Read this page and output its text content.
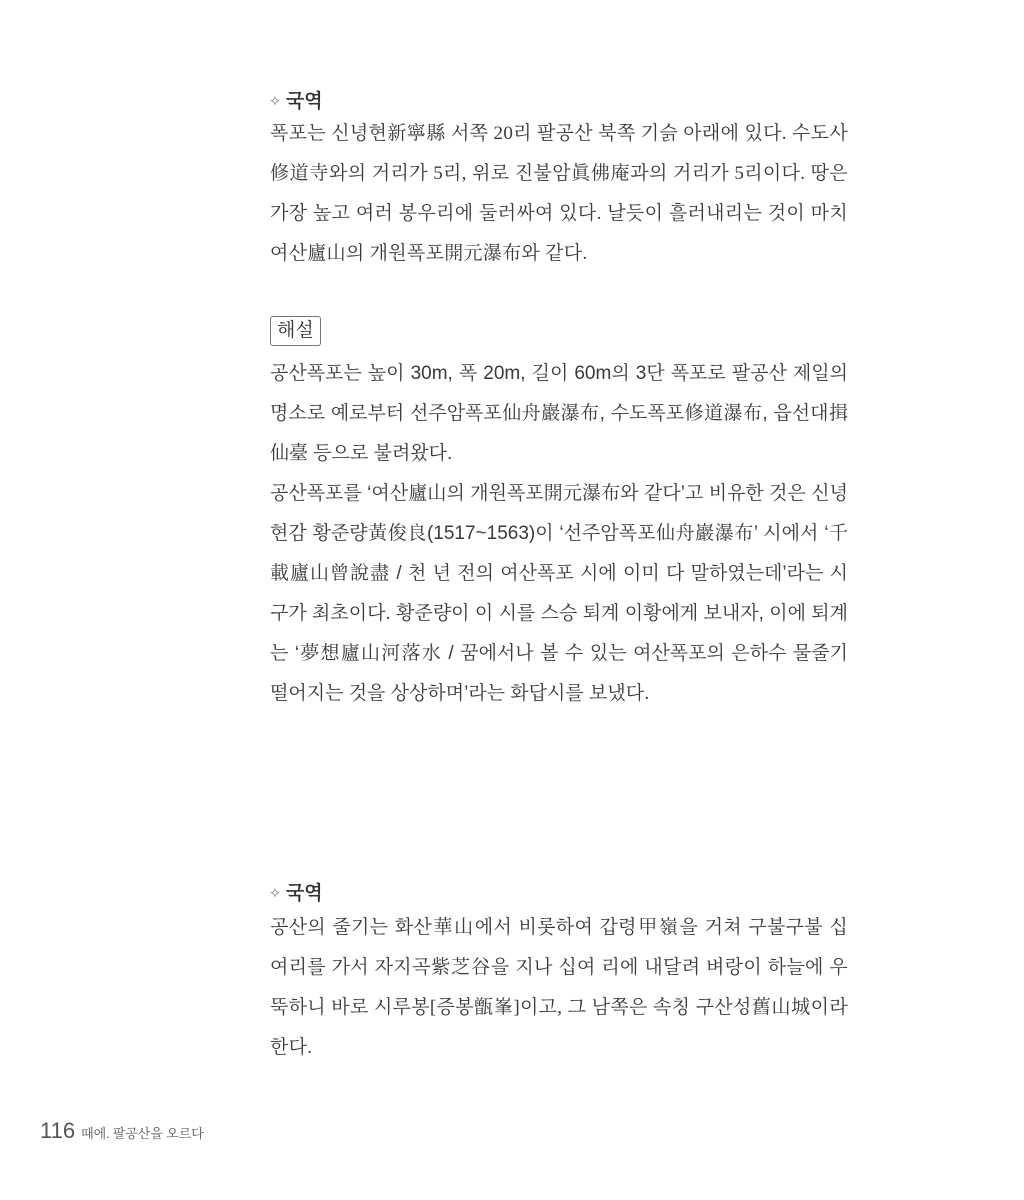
⟡ 국역

폭포는 신녕현新寧縣 서쪽 20리 팔공산 북쪽 기슭 아래에 있다. 수도사修道寺와의 거리가 5리, 위로 진불암眞佛庵과의 거리가 5리이다. 땅은 가장 높고 여러 봉우리에 둘러싸여 있다. 날듯이 흘러내리는 것이 마치 여산廬山의 개원폭포開元瀑布와 같다.

해설

공산폭포는 높이 30m, 폭 20m, 길이 60m의 3단 폭포로 팔공산 제일의 명소로 예로부터 선주암폭포仙舟巖瀑布, 수도폭포修道瀑布, 읍선대揖仙臺 등으로 불려왔다.

공산폭포를 ‘여산廬山의 개원폭포開元瀑布와 같다’고 비유한 것은 신녕현감 황준량黃俊良(1517~1563)이 ‘선주암폭포仙舟巖瀑布’ 시에서 ‘千載廬山曾說盡 / 천 년 전의 여산폭포 시에 이미 다 말하였는데’라는 시구가 최초이다. 황준량이 이 시를 스승 퇴계 이황에게 보내자, 이에 퇴계는 ‘夢想廬山河落水 / 꿈에서나 볼 수 있는 여산폭포의 은하수 물줄기 떨어지는 것을 상상하며’라는 화답시를 보냈다.

⟡ 국역

공산의 줄기는 화산華山에서 비롯하여 갑령甲嶺을 거쳐 구불구불 십 여리를 가서 자지곡紫芝谷을 지나 십여 리에 내달려 벼랑이 하늘에 우뚝하니 바로 시루봉[증봉甑峯]이고, 그 남쪽은 속칭 구산성舊山城이라 한다.

116 때에. 팔공산을 오르다
